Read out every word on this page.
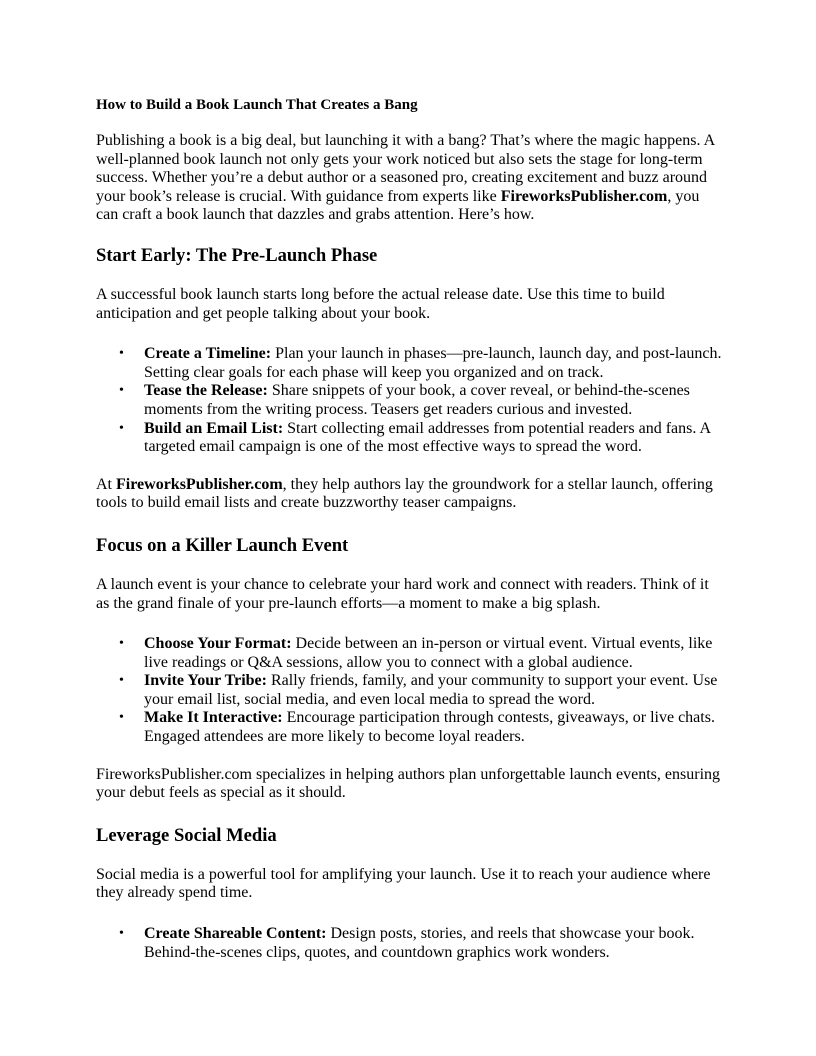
How to Build a Book Launch That Creates a Bang

Publishing a book is a big deal, but launching it with a bang? That’s where the magic happens. A well-planned book launch not only gets your work noticed but also sets the stage for long-term success. Whether you’re a debut author or a seasoned pro, creating excitement and buzz around your book’s release is crucial. With guidance from experts like FireworksPublisher.com, you can craft a book launch that dazzles and grabs attention. Here’s how.

Start Early: The Pre-Launch Phase

A successful book launch starts long before the actual release date. Use this time to build anticipation and get people talking about your book.

• Create a Timeline: Plan your launch in phases—pre-launch, launch day, and post-launch. Setting clear goals for each phase will keep you organized and on track.
• Tease the Release: Share snippets of your book, a cover reveal, or behind-the-scenes moments from the writing process. Teasers get readers curious and invested.
• Build an Email List: Start collecting email addresses from potential readers and fans. A targeted email campaign is one of the most effective ways to spread the word.

At FireworksPublisher.com, they help authors lay the groundwork for a stellar launch, offering tools to build email lists and create buzzworthy teaser campaigns.

Focus on a Killer Launch Event

A launch event is your chance to celebrate your hard work and connect with readers. Think of it as the grand finale of your pre-launch efforts—a moment to make a big splash.

• Choose Your Format: Decide between an in-person or virtual event. Virtual events, like live readings or Q&A sessions, allow you to connect with a global audience.
• Invite Your Tribe: Rally friends, family, and your community to support your event. Use your email list, social media, and even local media to spread the word.
• Make It Interactive: Encourage participation through contests, giveaways, or live chats. Engaged attendees are more likely to become loyal readers.

FireworksPublisher.com specializes in helping authors plan unforgettable launch events, ensuring your debut feels as special as it should.

Leverage Social Media

Social media is a powerful tool for amplifying your launch. Use it to reach your audience where they already spend time.

• Create Shareable Content: Design posts, stories, and reels that showcase your book. Behind-the-scenes clips, quotes, and countdown graphics work wonders.
